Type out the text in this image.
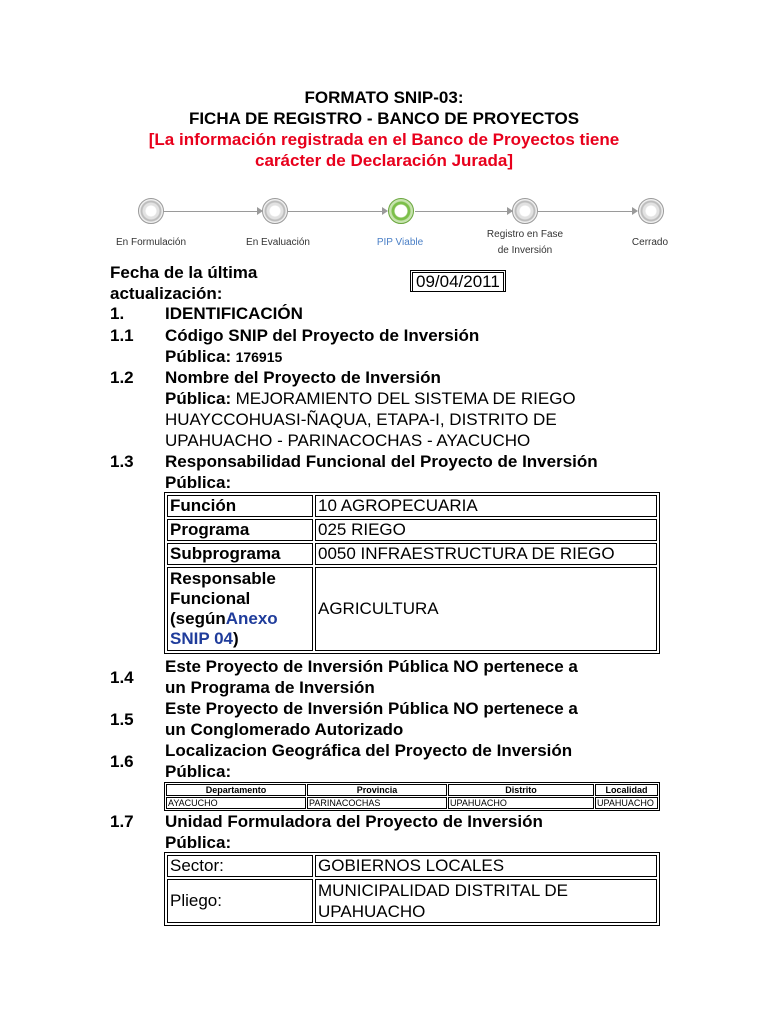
FORMATO SNIP-03:
FICHA DE REGISTRO - BANCO DE PROYECTOS
[La información registrada en el Banco de Proyectos tiene
carácter de Declaración Jurada]
En Formulación	En Evaluación	PIP Viable
Registro en Fase
de Inversión
Cerrado
Fecha de la última
actualización:
09/04/2011
1. IDENTIFICACIÓN
1.1 Código SNIP del Proyecto de Inversión
Pública: 176915
1.2 Nombre del Proyecto de Inversión
Pública: MEJORAMIENTO DEL SISTEMA DE RIEGO
HUAYCCOHUASI-ÑAQUA, ETAPA-I, DISTRITO DE
UPAHUACHO - PARINACOCHAS - AYACUCHO
1.3 Responsabilidad Funcional del Proyecto de Inversión
Pública:
Función	10 AGROPECUARIA
Programa	025 RIEGO
Subprograma	0050 INFRAESTRUCTURA DE RIEGO

Responsable
Funcional
(segúnAnexo
SNIP 04)	AGRICULTURA
1.4
Este Proyecto de Inversión Pública NO pertenece a
un Programa de Inversión
1.5
Este Proyecto de Inversión Pública NO pertenece a
un Conglomerado Autorizado
1.6
Localizacion Geográfica del Proyecto de Inversión
Pública:
Departamento	Provincia	Distrito	Localidad
AYACUCHO	PARINACOCHAS	UPAHUACHO	UPAHUACHO
1.7 Unidad Formuladora del Proyecto de Inversión
Pública:
Sector:	GOBIERNOS LOCALES
Pliego:	MUNICIPALIDAD DISTRITAL DE
UPAHUACHO
